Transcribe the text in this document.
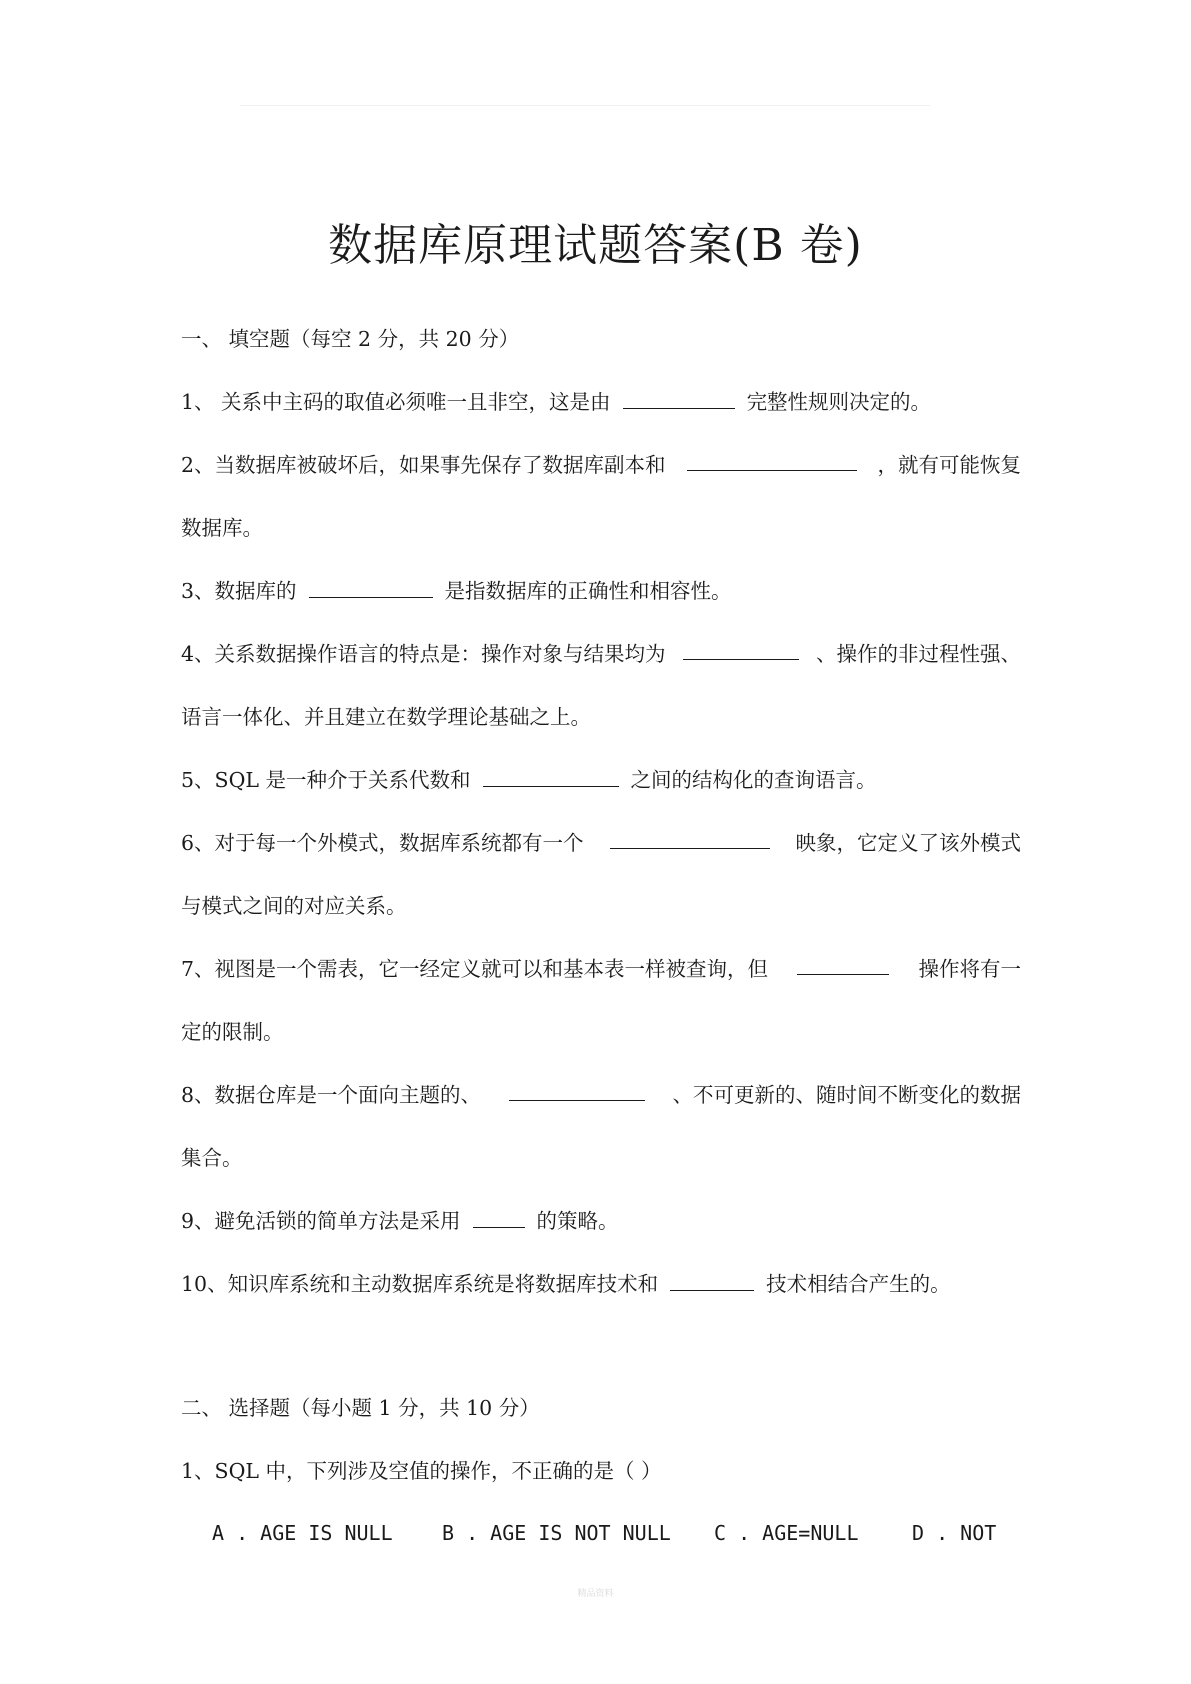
数据库原理试题答案(B 卷)
一、 填空题（每空 2 分，共 20 分）
1、 关系中主码的取值必须唯一且非空，这是由	完整性规则决定的。
2、当数据库被破坏后，如果事先保存了数据库副本和	，就有可能恢复
数据库。
3、数据库的	是指数据库的正确性和相容性。
4、关系数据操作语言的特点是：操作对象与结果均为	、操作的非过程性强、
语言一体化、并且建立在数学理论基础之上。
5、SQL 是一种介于关系代数和	之间的结构化的查询语言。
6、对于每一个外模式，数据库系统都有一个	映象，它定义了该外模式
与模式之间的对应关系。
7、视图是一个需表，它一经定义就可以和基本表一样被查询，但	操作将有一
定的限制。
8、数据仓库是一个面向主题的、	、不可更新的、随时间不断变化的数据
集合。
9、避免活锁的简单方法是采用	的策略。
10、知识库系统和主动数据库系统是将数据库技术和	技术相结合产生的。
二、 选择题（每小题 1 分，共 10 分）
1、SQL 中，下列涉及空值的操作，不正确的是（ ）
A . AGE IS NULL B . AGE IS NOT NULL C . AGE=NULL	D . NOT
精品资料
